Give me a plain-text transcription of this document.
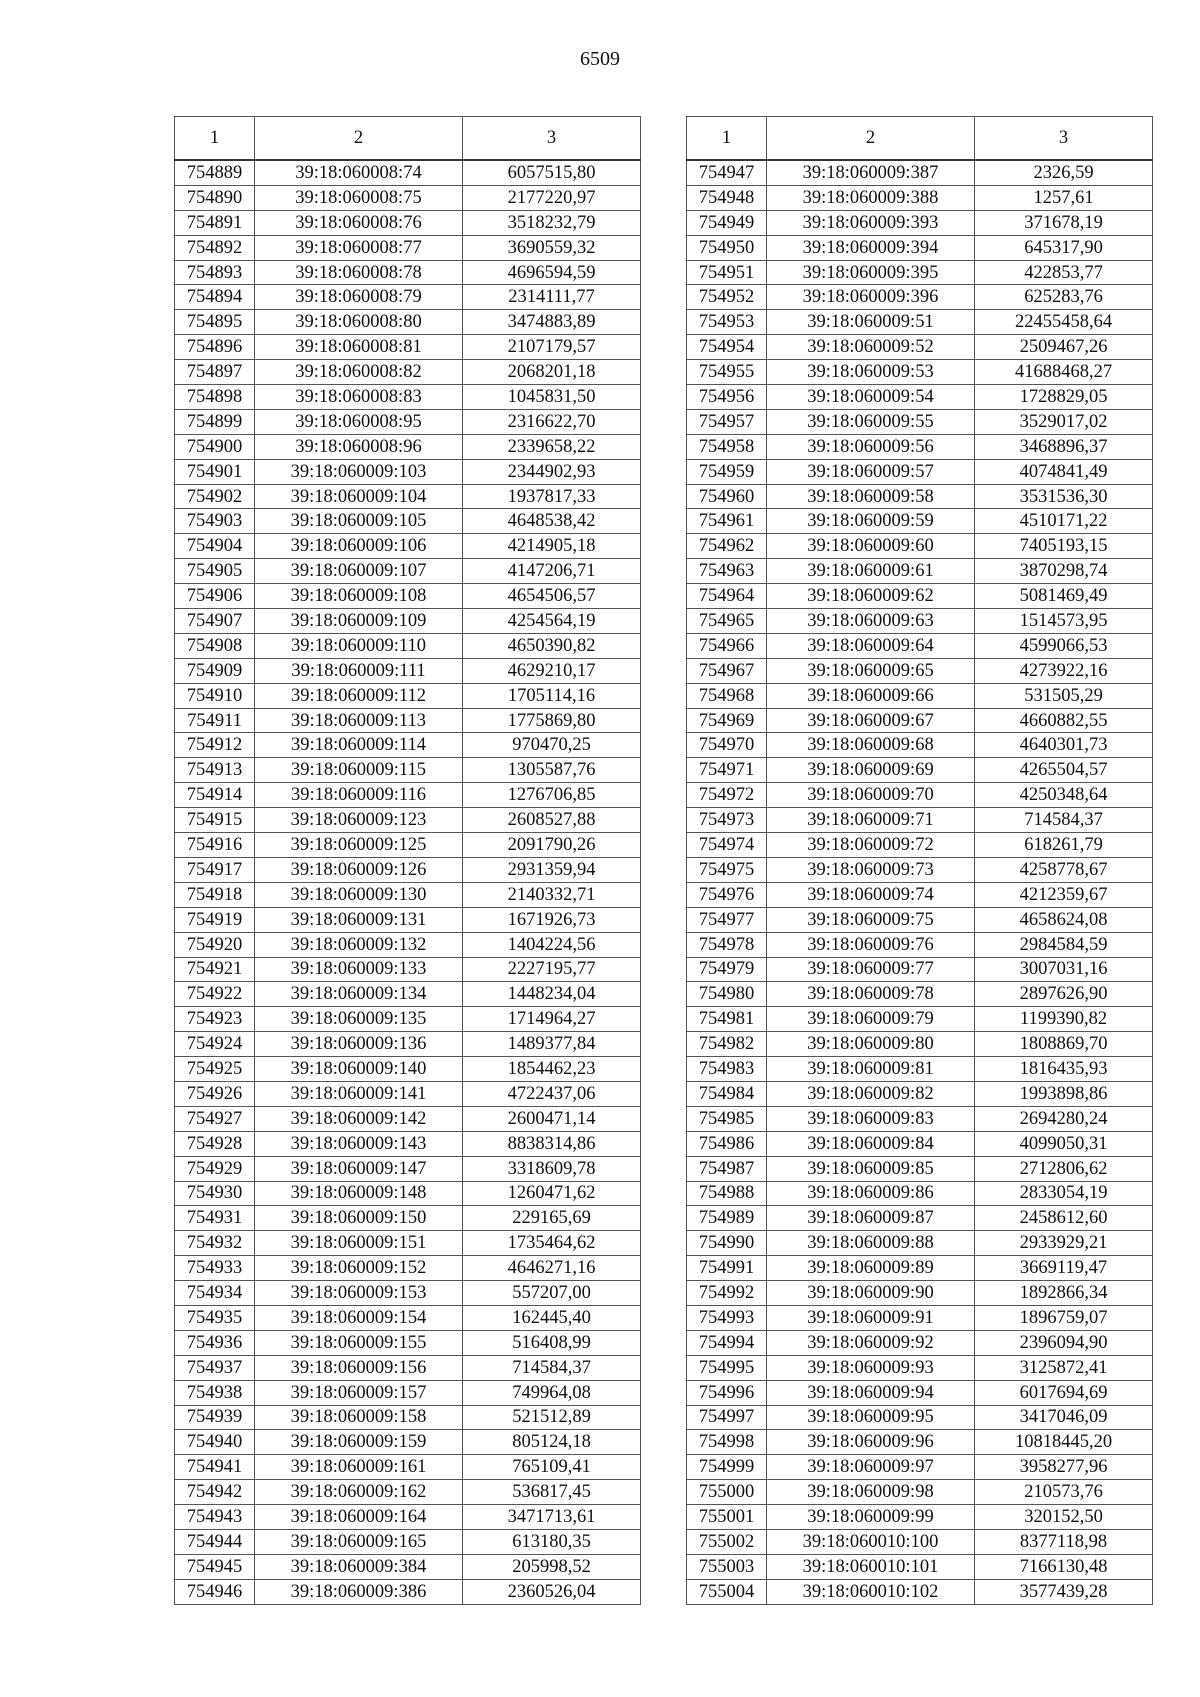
6509
1	2	3
754889	39:18:060008:74	6057515,80
754890	39:18:060008:75	2177220,97
754891	39:18:060008:76	3518232,79
754892	39:18:060008:77	3690559,32
754893	39:18:060008:78	4696594,59
754894	39:18:060008:79	2314111,77
754895	39:18:060008:80	3474883,89
754896	39:18:060008:81	2107179,57
754897	39:18:060008:82	2068201,18
754898	39:18:060008:83	1045831,50
754899	39:18:060008:95	2316622,70
754900	39:18:060008:96	2339658,22
754901	39:18:060009:103	2344902,93
754902	39:18:060009:104	1937817,33
754903	39:18:060009:105	4648538,42
754904	39:18:060009:106	4214905,18
754905	39:18:060009:107	4147206,71
754906	39:18:060009:108	4654506,57
754907	39:18:060009:109	4254564,19
754908	39:18:060009:110	4650390,82
754909	39:18:060009:111	4629210,17
754910	39:18:060009:112	1705114,16
754911	39:18:060009:113	1775869,80
754912	39:18:060009:114	970470,25
754913	39:18:060009:115	1305587,76
754914	39:18:060009:116	1276706,85
754915	39:18:060009:123	2608527,88
754916	39:18:060009:125	2091790,26
754917	39:18:060009:126	2931359,94
754918	39:18:060009:130	2140332,71
754919	39:18:060009:131	1671926,73
754920	39:18:060009:132	1404224,56
754921	39:18:060009:133	2227195,77
754922	39:18:060009:134	1448234,04
754923	39:18:060009:135	1714964,27
754924	39:18:060009:136	1489377,84
754925	39:18:060009:140	1854462,23
754926	39:18:060009:141	4722437,06
754927	39:18:060009:142	2600471,14
754928	39:18:060009:143	8838314,86
754929	39:18:060009:147	3318609,78
754930	39:18:060009:148	1260471,62
754931	39:18:060009:150	229165,69
754932	39:18:060009:151	1735464,62
754933	39:18:060009:152	4646271,16
754934	39:18:060009:153	557207,00
754935	39:18:060009:154	162445,40
754936	39:18:060009:155	516408,99
754937	39:18:060009:156	714584,37
754938	39:18:060009:157	749964,08
754939	39:18:060009:158	521512,89
754940	39:18:060009:159	805124,18
754941	39:18:060009:161	765109,41
754942	39:18:060009:162	536817,45
754943	39:18:060009:164	3471713,61
754944	39:18:060009:165	613180,35
754945	39:18:060009:384	205998,52
754946	39:18:060009:386	2360526,04
1	2	3
754947	39:18:060009:387	2326,59
754948	39:18:060009:388	1257,61
754949	39:18:060009:393	371678,19
754950	39:18:060009:394	645317,90
754951	39:18:060009:395	422853,77
754952	39:18:060009:396	625283,76
754953	39:18:060009:51	22455458,64
754954	39:18:060009:52	2509467,26
754955	39:18:060009:53	41688468,27
754956	39:18:060009:54	1728829,05
754957	39:18:060009:55	3529017,02
754958	39:18:060009:56	3468896,37
754959	39:18:060009:57	4074841,49
754960	39:18:060009:58	3531536,30
754961	39:18:060009:59	4510171,22
754962	39:18:060009:60	7405193,15
754963	39:18:060009:61	3870298,74
754964	39:18:060009:62	5081469,49
754965	39:18:060009:63	1514573,95
754966	39:18:060009:64	4599066,53
754967	39:18:060009:65	4273922,16
754968	39:18:060009:66	531505,29
754969	39:18:060009:67	4660882,55
754970	39:18:060009:68	4640301,73
754971	39:18:060009:69	4265504,57
754972	39:18:060009:70	4250348,64
754973	39:18:060009:71	714584,37
754974	39:18:060009:72	618261,79
754975	39:18:060009:73	4258778,67
754976	39:18:060009:74	4212359,67
754977	39:18:060009:75	4658624,08
754978	39:18:060009:76	2984584,59
754979	39:18:060009:77	3007031,16
754980	39:18:060009:78	2897626,90
754981	39:18:060009:79	1199390,82
754982	39:18:060009:80	1808869,70
754983	39:18:060009:81	1816435,93
754984	39:18:060009:82	1993898,86
754985	39:18:060009:83	2694280,24
754986	39:18:060009:84	4099050,31
754987	39:18:060009:85	2712806,62
754988	39:18:060009:86	2833054,19
754989	39:18:060009:87	2458612,60
754990	39:18:060009:88	2933929,21
754991	39:18:060009:89	3669119,47
754992	39:18:060009:90	1892866,34
754993	39:18:060009:91	1896759,07
754994	39:18:060009:92	2396094,90
754995	39:18:060009:93	3125872,41
754996	39:18:060009:94	6017694,69
754997	39:18:060009:95	3417046,09
754998	39:18:060009:96	10818445,20
754999	39:18:060009:97	3958277,96
755000	39:18:060009:98	210573,76
755001	39:18:060009:99	320152,50
755002	39:18:060010:100	8377118,98
755003	39:18:060010:101	7166130,48
755004	39:18:060010:102	3577439,28
